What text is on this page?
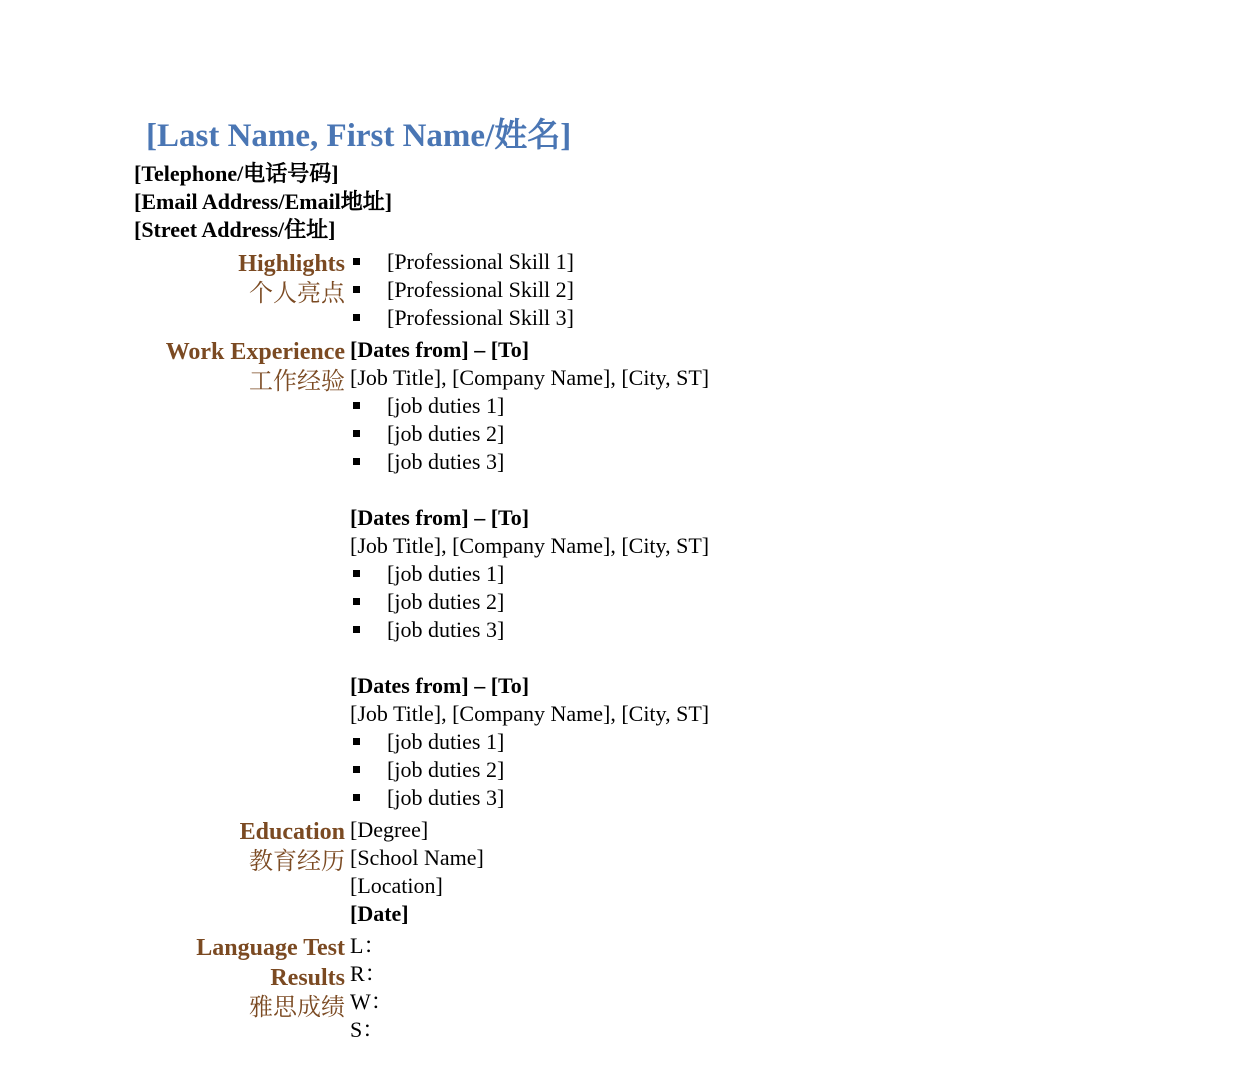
[Last Name, First Name/姓名]
[Telephone/电话号码]
[Email Address/Email地址]
[Street Address/住址]
Highlights
个人亮点
[Professional Skill 1]
[Professional Skill 2]
[Professional Skill 3]
Work Experience
工作经验
[Dates from] – [To]
[Job Title], [Company Name], [City, ST]
[job duties 1]
[job duties 2]
[job duties 3]
[Dates from] – [To]
[Job Title], [Company Name], [City, ST]
[job duties 1]
[job duties 2]
[job duties 3]
[Dates from] – [To]
[Job Title], [Company Name], [City, ST]
[job duties 1]
[job duties 2]
[job duties 3]
Education
教育经历
[Degree]
[School Name]
[Location]
[Date]
Language Test
Results
雅思成绩
L：
R：
W：
S：
